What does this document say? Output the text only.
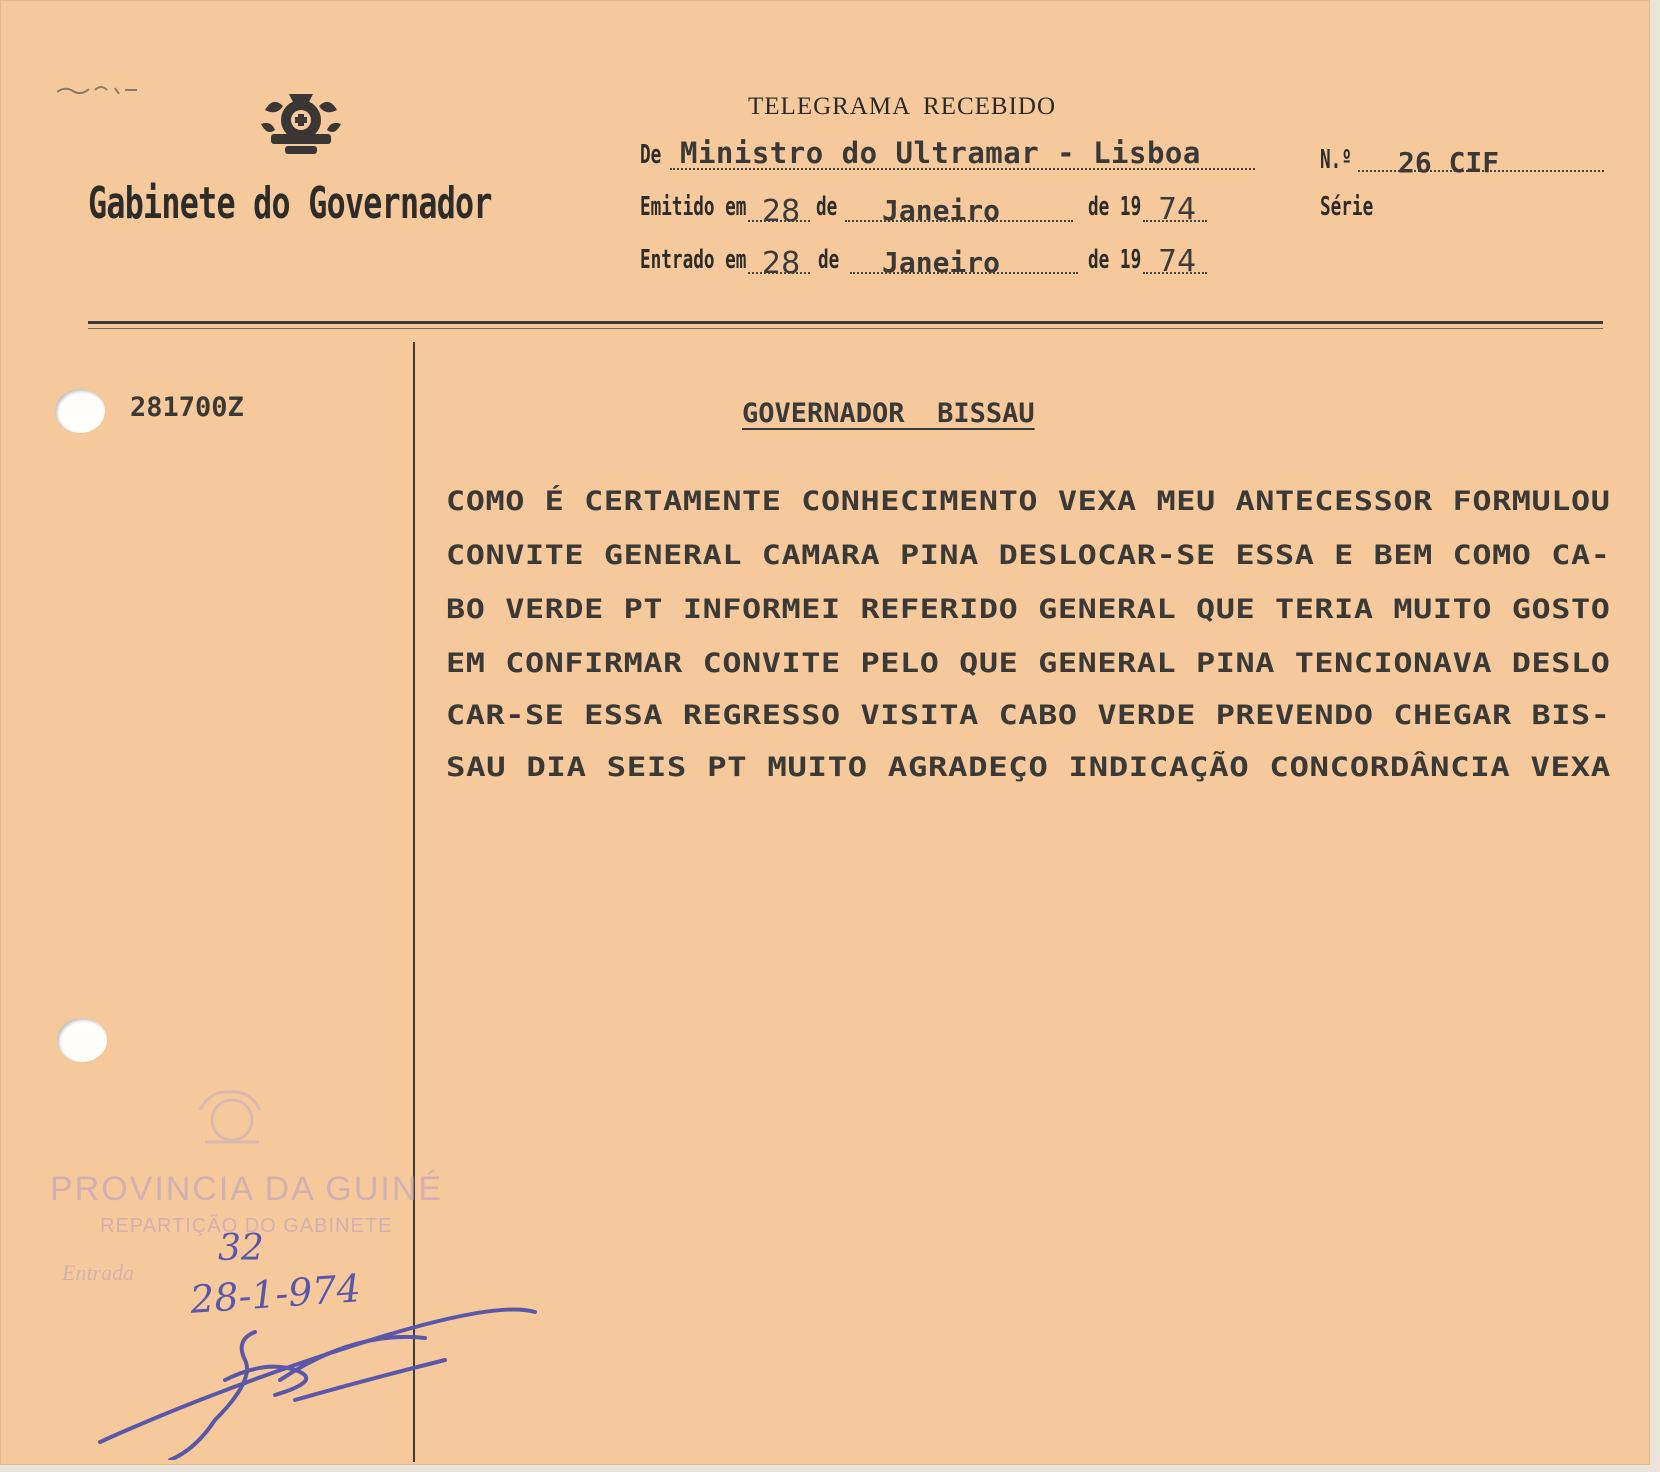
Gabinete do Governador
TELEGRAMA RECEBIDO
De Ministro do Ultramar - Lisboa	N.º	26 CIF
Série
Emitido em 28 de	Janeiro	de 19 74
Entrado em 28 de	Janeiro	de 19 74
281700Z	GOVERNADOR  BISSAU
COMO É CERTAMENTE CONHECIMENTO VEXA MEU ANTECESSOR FORMULOU
CONVITE GENERAL CAMARA PINA DESLOCAR-SE ESSA E BEM COMO CA-
BO VERDE PT INFORMEI REFERIDO GENERAL QUE TERIA MUITO GOSTO
EM CONFIRMAR CONVITE PELO QUE GENERAL PINA TENCIONAVA DESLO
CAR-SE ESSA REGRESSO VISITA CABO VERDE PREVENDO CHEGAR BIS-
SAU DIA SEIS PT MUITO AGRADEÇO INDICAÇÃO CONCORDÂNCIA VEXA
PROVINCIA DA GUINÉ
REPARTIÇÃO DO GABINETE
Entrada
32
28-1-974
